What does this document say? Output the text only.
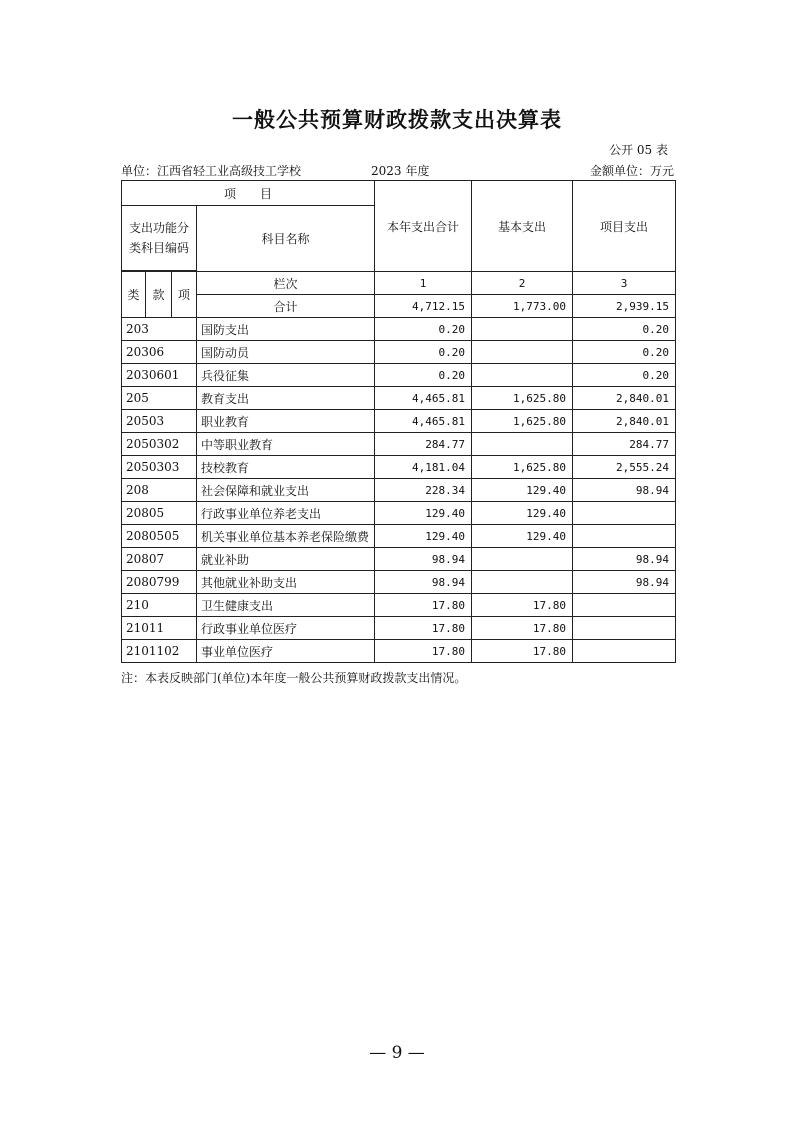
一般公共预算财政拨款支出决算表
公开 05 表
单位：江西省轻工业高级技工学校	2023 年度	金额单位：万元
项　　目				本年支出合计	基本支出	项目支出
支出功能分类科目编码			科目名称			

类	款	项	栏次	1	2	3
			合计	4,712.15	1,773.00	2,939.15
203			国防支出	0.20		0.20
20306			国防动员	0.20		0.20
2030601			兵役征集	0.20		0.20
205			教育支出	4,465.81	1,625.80	2,840.01
20503			职业教育	4,465.81	1,625.80	2,840.01
2050302			中等职业教育	284.77		284.77
2050303			技校教育	4,181.04	1,625.80	2,555.24
208			社会保障和就业支出	228.34	129.40	98.94
20805			行政事业单位养老支出	129.40	129.40	
2080505			机关事业单位基本养老保险缴费	129.40	129.40	
20807			就业补助	98.94		98.94
2080799			其他就业补助支出	98.94		98.94
210			卫生健康支出	17.80	17.80	
21011			行政事业单位医疗	17.80	17.80	
2101102			事业单位医疗	17.80	17.80	
注：本表反映部门(单位)本年度一般公共预算财政拨款支出情况。
— 9 —
